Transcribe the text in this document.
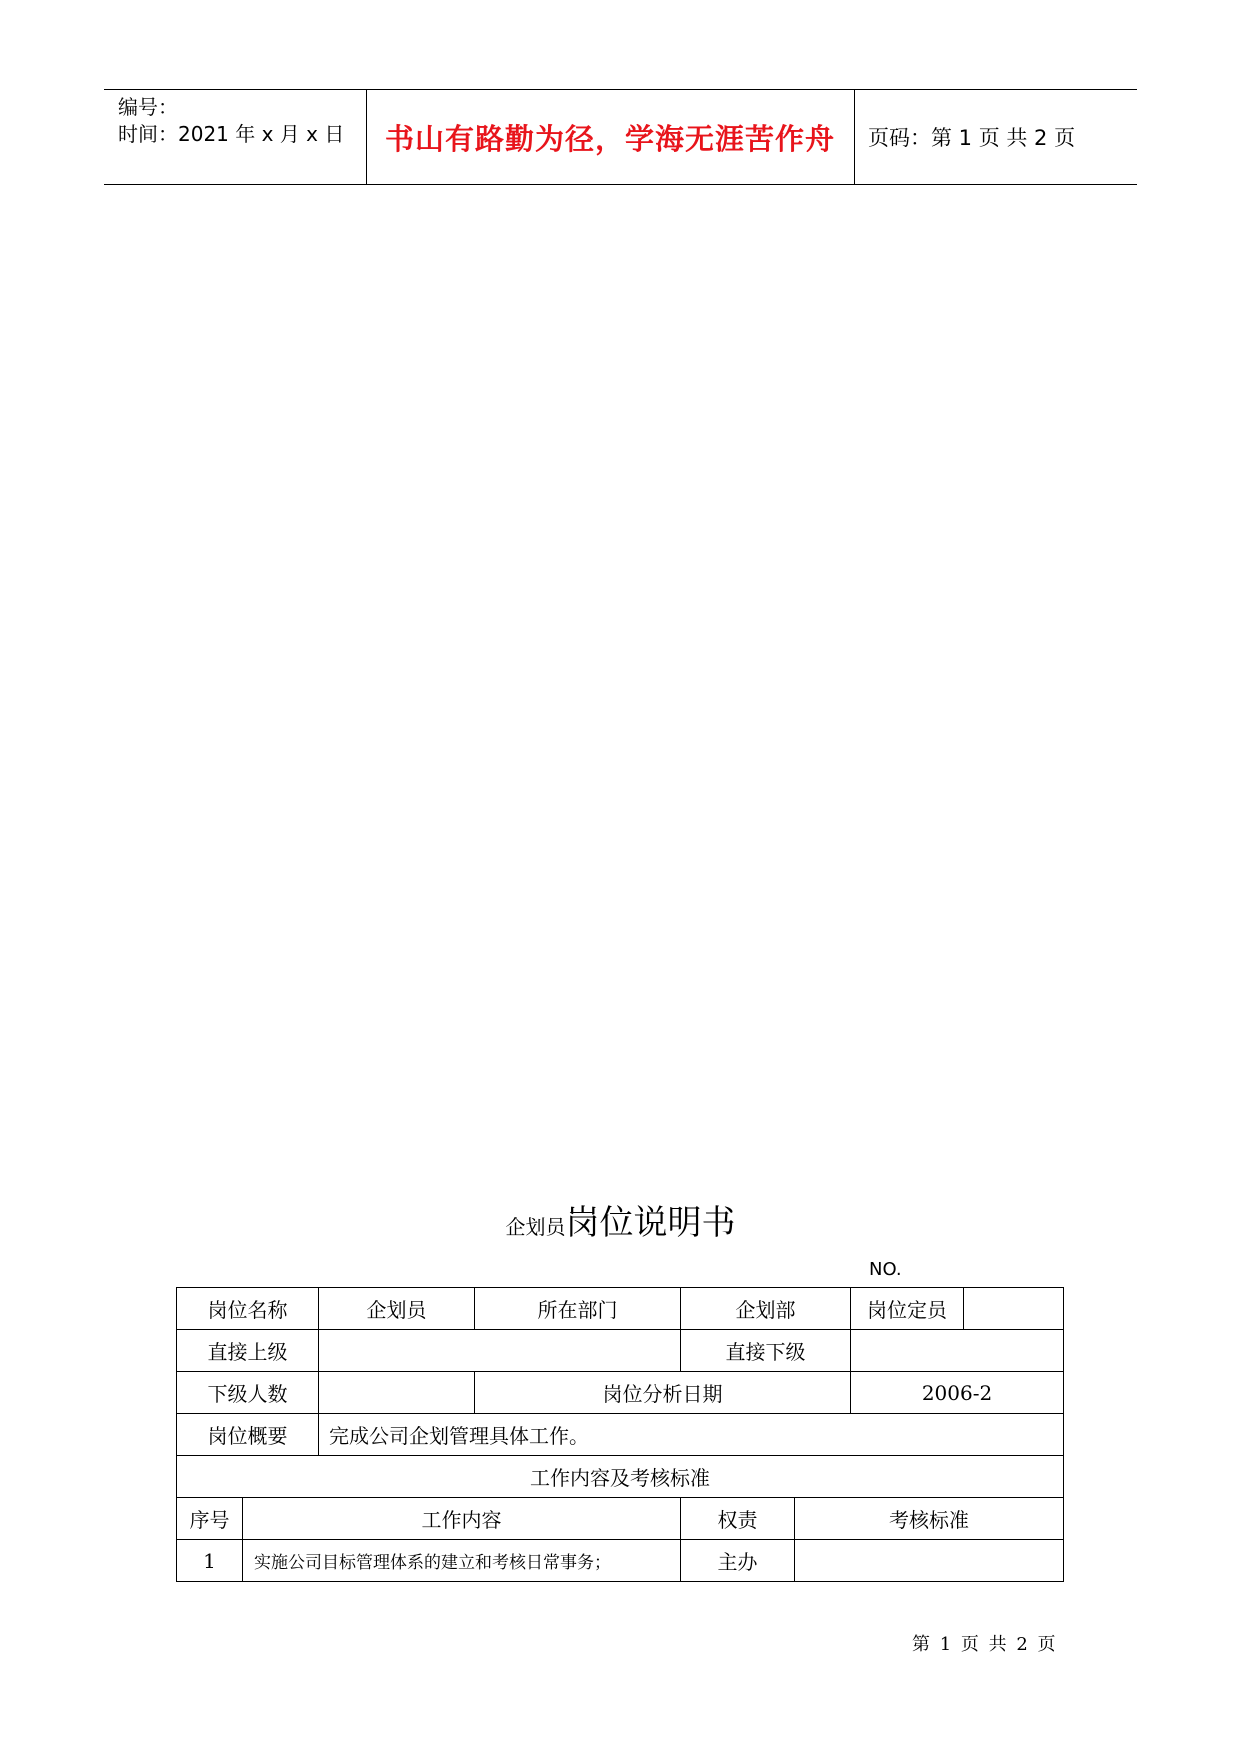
编号：
时间：2021 年 x 月 x 日	书山有路勤为径，学海无涯苦作舟	页码：第 1 页 共 2 页
企划员岗位说明书
NO.
岗位名称		企划员	所在部门	企划部		岗位定员	
直接上级				直接下级			
下级人数			岗位分析日期			2006-2	
岗位概要		完成公司企划管理具体工作。					
工作内容及考核标准							
序号	工作内容			权责	考核标准		
1	实施公司目标管理体系的建立和考核日常事务；			主办			
第 1 页 共 2 页
